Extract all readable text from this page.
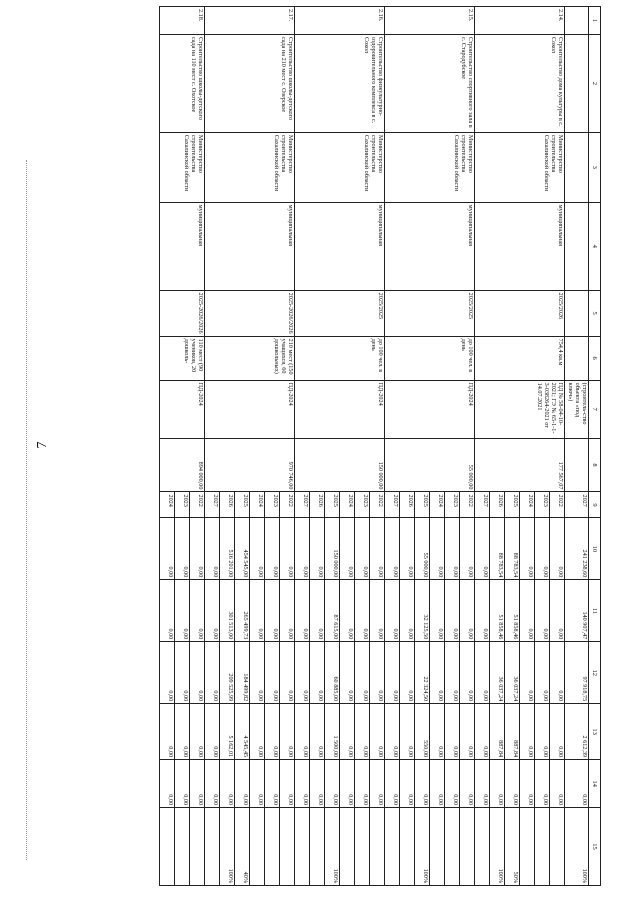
7
1	2	3	4	5	6	7	8	9	10	11	12	13	14	15
						(строитель-ство объекта «под ключ»)		2027	241 238,60	140 907,47	97 918,75	2 612,39	0,00	100%
2.14.	Строительство дома культуры в с. Сокол	Министерство строительства Сахалинской области	муниципальная	2025/2026	754,4 кв.м	ПД № 58-04-10-2021; ГЭ № 65-1-1-3-038264-2021 от 14.07.2021	177 567,07	2022	0,00	0,00	0,00	0,00	0,00	
								2023	0,00	0,00	0,00	0,00	0,00	
								2024	0,00	0,00	0,00	0,00	0,00	
								2025	88 783,54	51 858,46	36 037,24	887,84	0,00	50%
								2026	88 783,54	51 858,46	36 037,24	887,84	0,00	100%
								2027	0,00	0,00	0,00	0,00	0,00	
2.15.	Строительство спортивного зала в с. Стародубское	Министерство строительства Сахалинской области	муниципальная	2025/2025	до 100 чел. в день	ПД-2024	55 000,00	2022	0,00	0,00	0,00	0,00	0,00	
								2023	0,00	0,00	0,00	0,00	0,00	
								2024	0,00	0,00	0,00	0,00	0,00	
								2025	55 000,00	32 125,50	22 324,50	550,00	0,00	100%
								2026	0,00	0,00	0,00	0,00	0,00	
								2027	0,00	0,00	0,00	0,00	0,00	
2.16.	Строительство физкультурно-оздоровительного комплекса в с. Сокол	Министерство строительства Сахалинской области	муниципальная	2025/2025	до 100 чел. в день	ПД-2024	150 000,00	2022	0,00	0,00	0,00	0,00	0,00	
								2023	0,00	0,00	0,00	0,00	0,00	
								2024	0,00	0,00	0,00	0,00	0,00	
								2025	150 000,00	87 615,00	60 885,00	1 500,00	0,00	100%
								2026	0,00	0,00	0,00	0,00	0,00	
								2027	0,00	0,00	0,00	0,00	0,00	
2.17.	Строительство школы-детского сада на 210 мест с. Озерское	Министерство строительства Сахалинской области	муниципальная	2025-2026/2026	210 мест (150 учащихся, 60 дошкольных)	ПД-2024	970 746,00	2022	0,00	0,00	0,00	0,00	0,00	
								2023	0,00	0,00	0,00	0,00	0,00	
								2024	0,00	0,00	0,00	0,00	0,00	
								2025	454 545,00	265 499,73	184 499,82	4 545,45	0,00	40%
								2026	516 201,00	301 513,00	209 525,99	5 162,01	0,00	100%
								2027	0,00	0,00	0,00	0,00	0,00	
2.18.	Строительство школы-детского сада на 110 мест с. Охотское	Министерство строительства Сахалинской области	муниципальная	2025-2026/2026	110 мест (90 учеников, 20 дошколь-	ПД-2024	894 000,00	2022	0,00	0,00	0,00	0,00	0,00	
								2023	0,00	0,00	0,00	0,00	0,00	
								2024	0,00	0,00	0,00	0,00	0,00	
